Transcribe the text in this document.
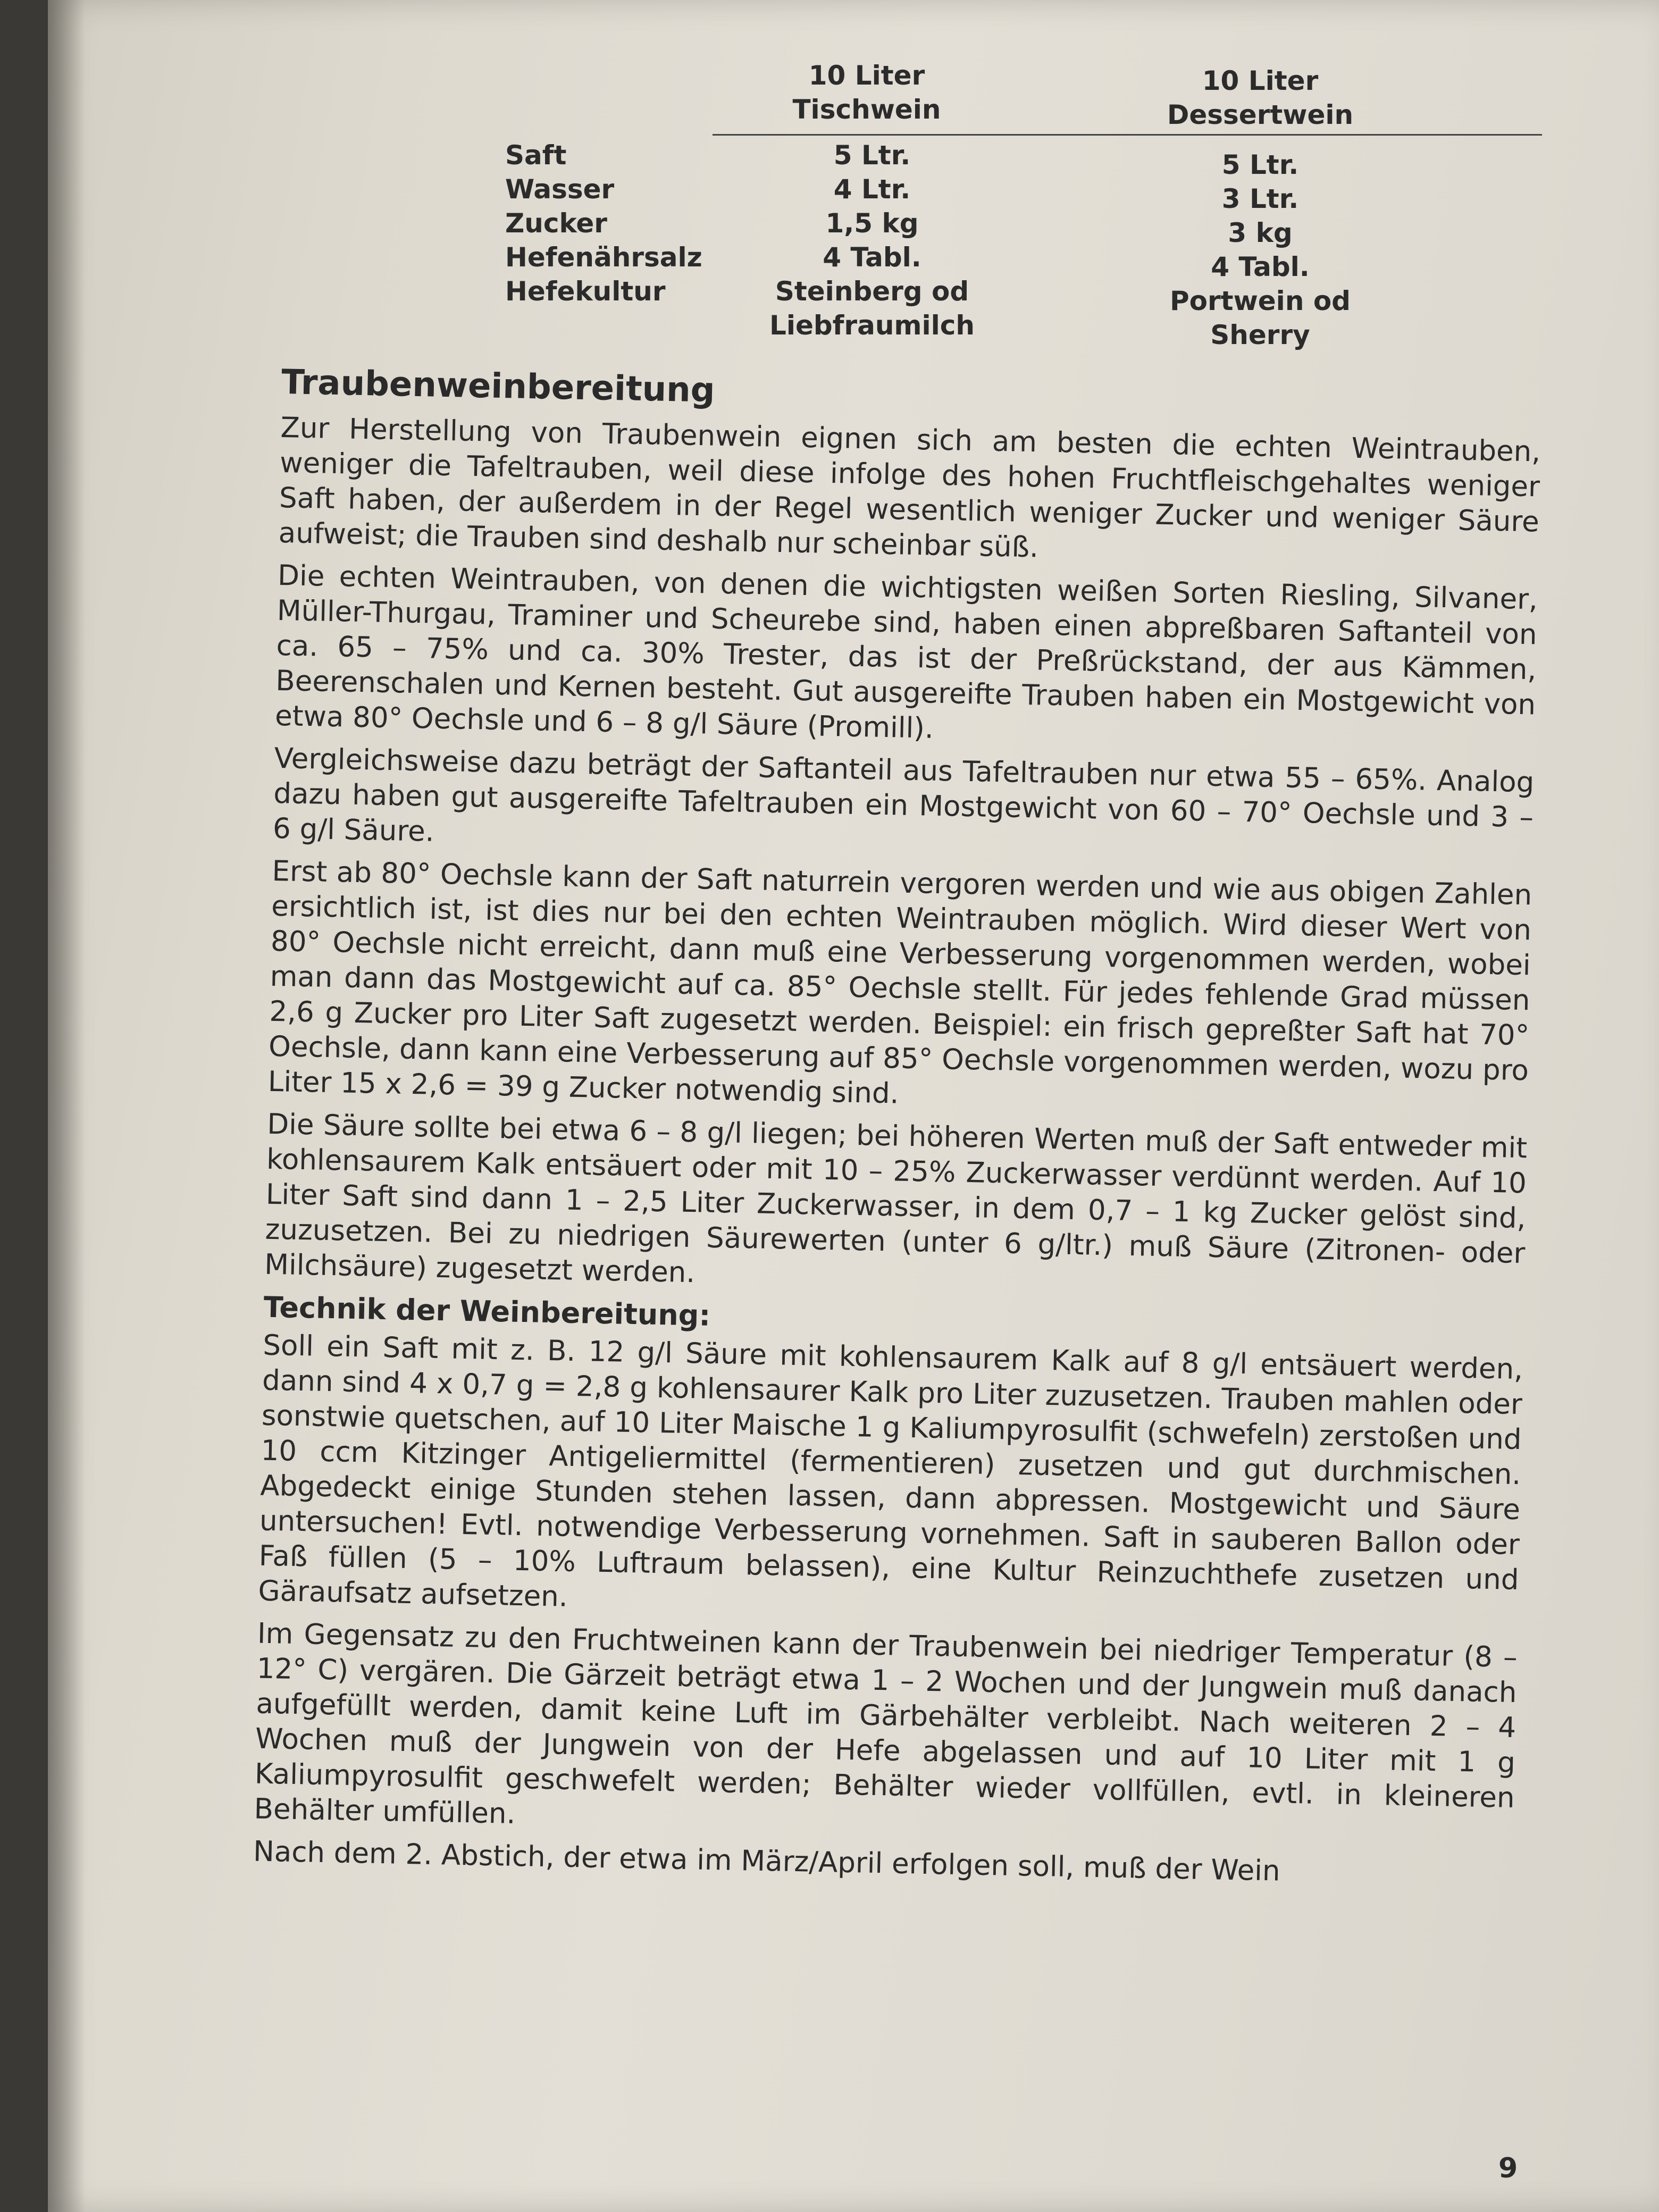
10 Liter
Tischwein
10 Liter
Dessertwein
Saft
Wasser
Zucker
Hefenährsalz
Hefekultur
5 Ltr.
4 Ltr.
1,5 kg
4 Tabl.
Steinberg od
Liebfraumilch
5 Ltr.
3 Ltr.
3 kg
4 Tabl.
Portwein od
Sherry
Traubenweinbereitung

Zur Herstellung von Traubenwein eignen sich am besten die echten Weintrauben, weniger die Tafeltrauben, weil diese infolge des hohen Fruchtfleischgehaltes weniger Saft haben, der außerdem in der Regel wesentlich weniger Zucker und weniger Säure aufweist; die Trauben sind deshalb nur scheinbar süß.

Die echten Weintrauben, von denen die wichtigsten weißen Sorten Riesling, Silvaner, Müller-Thurgau, Traminer und Scheurebe sind, haben einen abpreßbaren Saftanteil von ca. 65 – 75% und ca. 30% Trester, das ist der Preßrückstand, der aus Kämmen, Beerenschalen und Kernen besteht. Gut ausgereifte Trauben haben ein Mostgewicht von etwa 80° Oechsle und 6 – 8 g/l Säure (Promill).

Vergleichsweise dazu beträgt der Saftanteil aus Tafeltrauben nur etwa 55 – 65%. Analog dazu haben gut ausgereifte Tafeltrauben ein Mostgewicht von 60 – 70° Oechsle und 3 – 6 g/l Säure.

Erst ab 80° Oechsle kann der Saft naturrein vergoren werden und wie aus obigen Zahlen ersichtlich ist, ist dies nur bei den echten Weintrauben möglich. Wird dieser Wert von 80° Oechsle nicht erreicht, dann muß eine Verbesserung vorgenommen werden, wobei man dann das Mostgewicht auf ca. 85° Oechsle stellt. Für jedes fehlende Grad müssen 2,6 g Zucker pro Liter Saft zugesetzt werden. Beispiel: ein frisch gepreßter Saft hat 70° Oechsle, dann kann eine Verbesserung auf 85° Oechsle vorgenommen werden, wozu pro Liter 15 x 2,6 = 39 g Zucker notwendig sind.

Die Säure sollte bei etwa 6 – 8 g/l liegen; bei höheren Werten muß der Saft entweder mit kohlensaurem Kalk entsäuert oder mit 10 – 25% Zuckerwasser verdünnt werden. Auf 10 Liter Saft sind dann 1 – 2,5 Liter Zuckerwasser, in dem 0,7 – 1 kg Zucker gelöst sind, zuzusetzen. Bei zu niedrigen Säurewerten (unter 6 g/ltr.) muß Säure (Zitronen- oder Milchsäure) zugesetzt werden.

Technik der Weinbereitung:

Soll ein Saft mit z. B. 12 g/l Säure mit kohlensaurem Kalk auf 8 g/l entsäuert werden, dann sind 4 x 0,7 g = 2,8 g kohlensaurer Kalk pro Liter zuzusetzen. Trauben mahlen oder sonstwie quetschen, auf 10 Liter Maische 1 g Kaliumpyrosulfit (schwefeln) zerstoßen und 10 ccm Kitzinger Antigeliermittel (fermentieren) zusetzen und gut durchmischen. Abgedeckt einige Stunden stehen lassen, dann abpressen. Mostgewicht und Säure untersuchen! Evtl. notwendige Verbesserung vornehmen. Saft in sauberen Ballon oder Faß füllen (5 – 10% Luftraum belassen), eine Kultur Reinzuchthefe zusetzen und Gäraufsatz aufsetzen.

Im Gegensatz zu den Fruchtweinen kann der Traubenwein bei niedriger Temperatur (8 – 12° C) vergären. Die Gärzeit beträgt etwa 1 – 2 Wochen und der Jungwein muß danach aufgefüllt werden, damit keine Luft im Gärbehälter verbleibt. Nach weiteren 2 – 4 Wochen muß der Jungwein von der Hefe abgelassen und auf 10 Liter mit 1 g Kaliumpyrosulfit geschwefelt werden; Behälter wieder vollfüllen, evtl. in kleineren Behälter umfüllen.

Nach dem 2. Abstich, der etwa im März/April erfolgen soll, muß der Wein

9
